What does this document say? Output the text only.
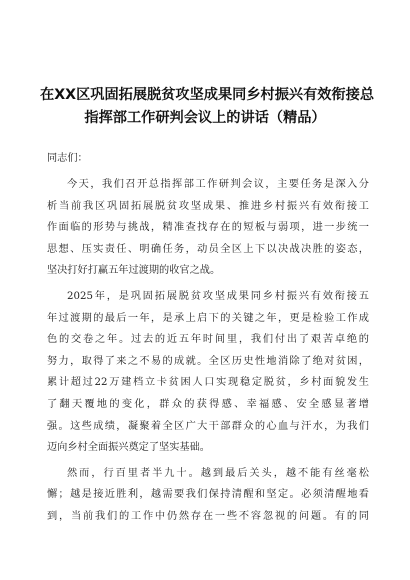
在XX区巩固拓展脱贫攻坚成果同乡村振兴有效衔接总
指挥部工作研判会议上的讲话（精品）
同志们：
今天，我们召开总指挥部工作研判会议，主要任务是深入分
析当前我区巩固拓展脱贫攻坚成果、推进乡村振兴有效衔接工
作面临的形势与挑战，精准查找存在的短板与弱项，进一步统一
思想、压实责任、明确任务，动员全区上下以决战决胜的姿态，
坚决打好打赢五年过渡期的收官之战。
2025年，是巩固拓展脱贫攻坚成果同乡村振兴有效衔接五
年过渡期的最后一年，是承上启下的关键之年，更是检验工作成
色的交卷之年。过去的近五年时间里，我们付出了艰苦卓绝的
努力，取得了来之不易的成就。全区历史性地消除了绝对贫困，
累计超过22万建档立卡贫困人口实现稳定脱贫，乡村面貌发生
了翻天覆地的变化，群众的获得感、幸福感、安全感显著增
强。这些成绩，凝聚着全区广大干部群众的心血与汗水，为我们
迈向乡村全面振兴奠定了坚实基础。
然而，行百里者半九十。越到最后关头，越不能有丝毫松
懈；越是接近胜利，越需要我们保持清醒和坚定。必须清醒地看
到，当前我们的工作中仍然存在一些不容忽视的问题。有的同
